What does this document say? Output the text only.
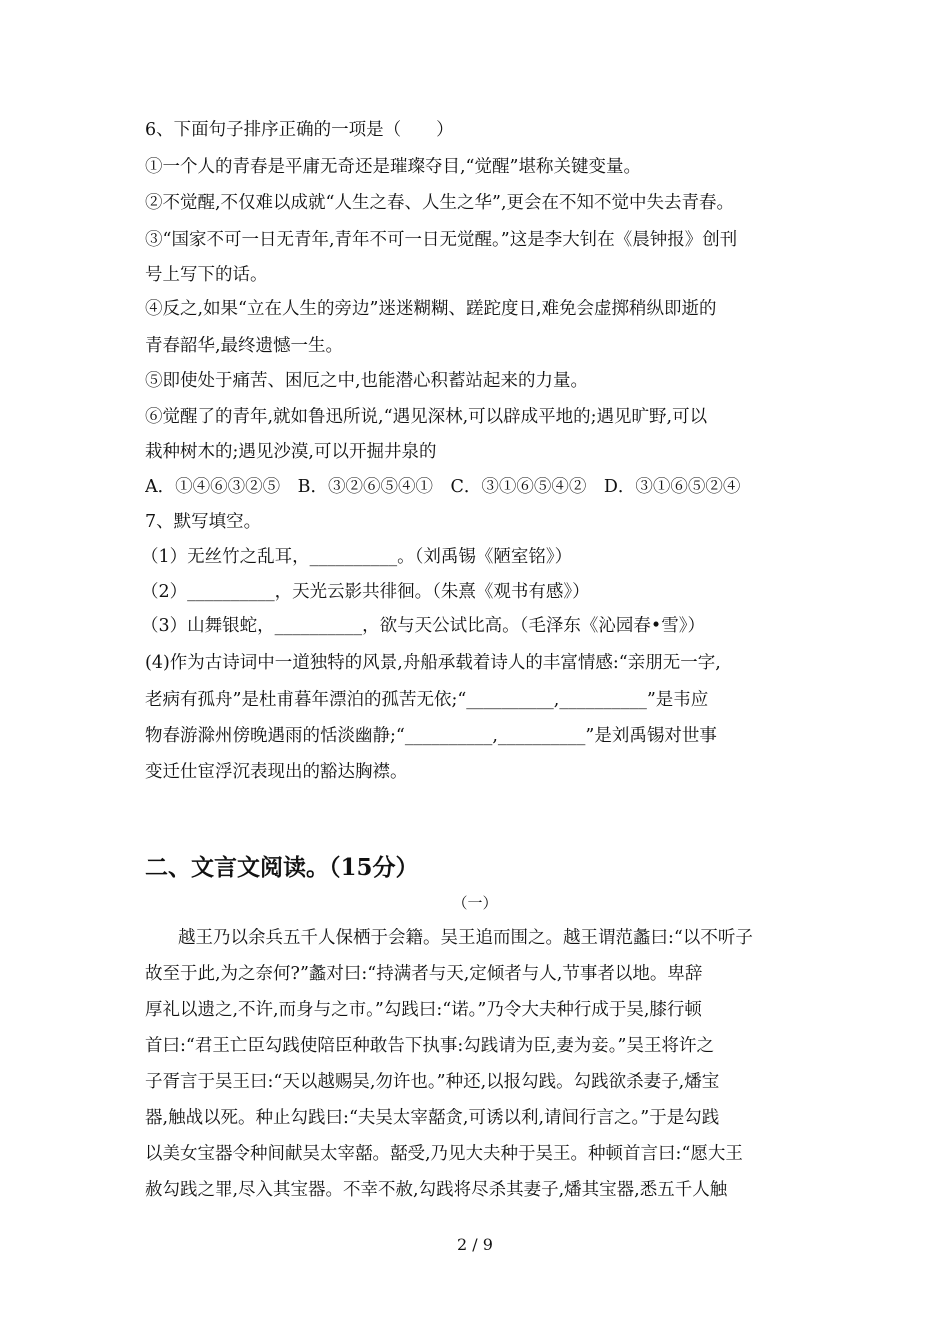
6、下面句子排序正确的一项是（　　）
①一个人的青春是平庸无奇还是璀璨夺目,“觉醒”堪称关键变量。
②不觉醒,不仅难以成就“人生之春、人生之华”,更会在不知不觉中失去青春。
③“国家不可一日无青年,青年不可一日无觉醒。”这是李大钊在《晨钟报》创刊
号上写下的话。
④反之,如果“立在人生的旁边”迷迷糊糊、蹉跎度日,难免会虚掷稍纵即逝的
青春韶华,最终遗憾一生。
⑤即使处于痛苦、困厄之中,也能潜心积蓄站起来的力量。
⑥觉醒了的青年,就如鲁迅所说,“遇见深林,可以辟成平地的;遇见旷野,可以
栽种树木的;遇见沙漠,可以开掘井泉的
A．①④⑥③②⑤　B．③②⑥⑤④①　C．③①⑥⑤④②　D．③①⑥⑤②④
7、默写填空。
（1）无丝竹之乱耳，__________。（刘禹锡《陋室铭》）
（2）__________，天光云影共徘徊。（朱熹《观书有感》）
（3）山舞银蛇，__________，欲与天公试比高。（毛泽东《沁园春•雪》）
(4)作为古诗词中一道独特的风景,舟船承载着诗人的丰富情感:“亲朋无一字,
老病有孤舟”是杜甫暮年漂泊的孤苦无依;“__________,__________”是韦应
物春游滁州傍晚遇雨的恬淡幽静;“__________,__________”是刘禹锡对世事
变迁仕宦浮沉表现出的豁达胸襟。
二、文言文阅读。（15分）
（一）
越王乃以余兵五千人保栖于会籍。吴王追而围之。越王谓范蠡曰:“以不听子
故至于此,为之奈何?”蠡对曰:“持满者与天,定倾者与人,节事者以地。卑辞
厚礼以遗之,不许,而身与之市。”勾践曰:“诺。”乃令大夫种行成于吴,膝行顿
首曰:“君王亡臣勾践使陪臣种敢告下执事:勾践请为臣,妻为妾。”吴王将许之
子胥言于吴王曰:“天以越赐吴,勿许也。”种还,以报勾践。勾践欲杀妻子,燔宝
器,触战以死。种止勾践曰:“夫吴太宰嚭贪,可诱以利,请间行言之。”于是勾践
以美女宝器令种间献吴太宰嚭。嚭受,乃见大夫种于吴王。种顿首言曰:“愿大王
赦勾践之罪,尽入其宝器。不幸不赦,勾践将尽杀其妻子,燔其宝器,悉五千人触
2 / 9
